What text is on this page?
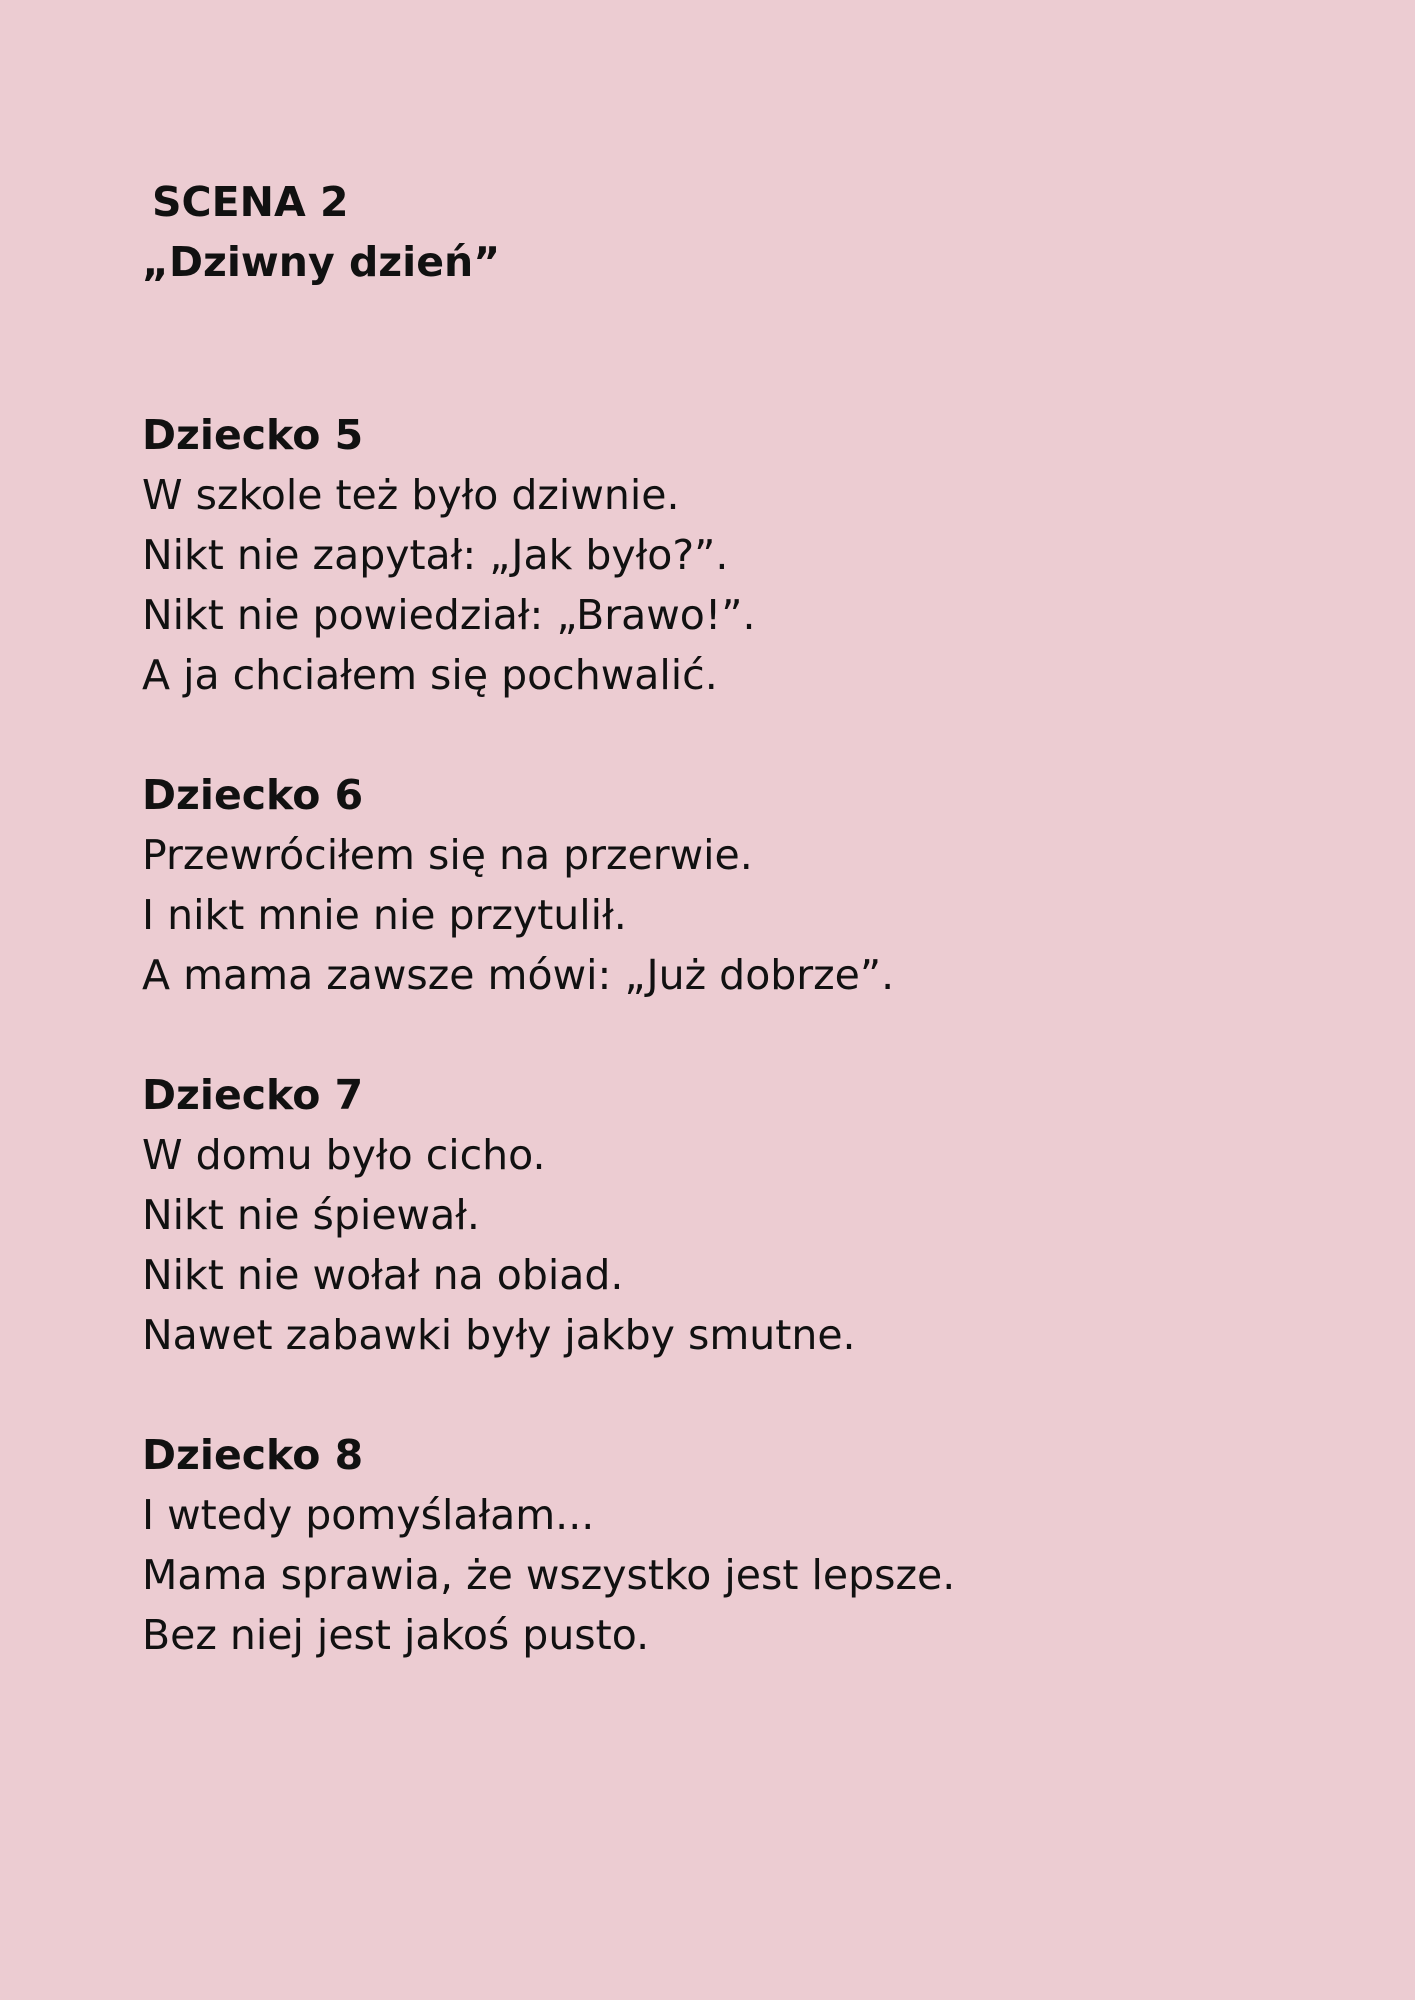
SCENA 2
„Dziwny dzień”

Dziecko 5

W szkole też było dziwnie.

Nikt nie zapytał: „Jak było?”.

Nikt nie powiedział: „Brawo!”.

A ja chciałem się pochwalić.

Dziecko 6

Przewróciłem się na przerwie.

I nikt mnie nie przytulił.

A mama zawsze mówi: „Już dobrze”.

Dziecko 7

W domu było cicho.

Nikt nie śpiewał.

Nikt nie wołał na obiad.

Nawet zabawki były jakby smutne.

Dziecko 8

I wtedy pomyślałam...

Mama sprawia, że wszystko jest lepsze.

Bez niej jest jakoś pusto.
